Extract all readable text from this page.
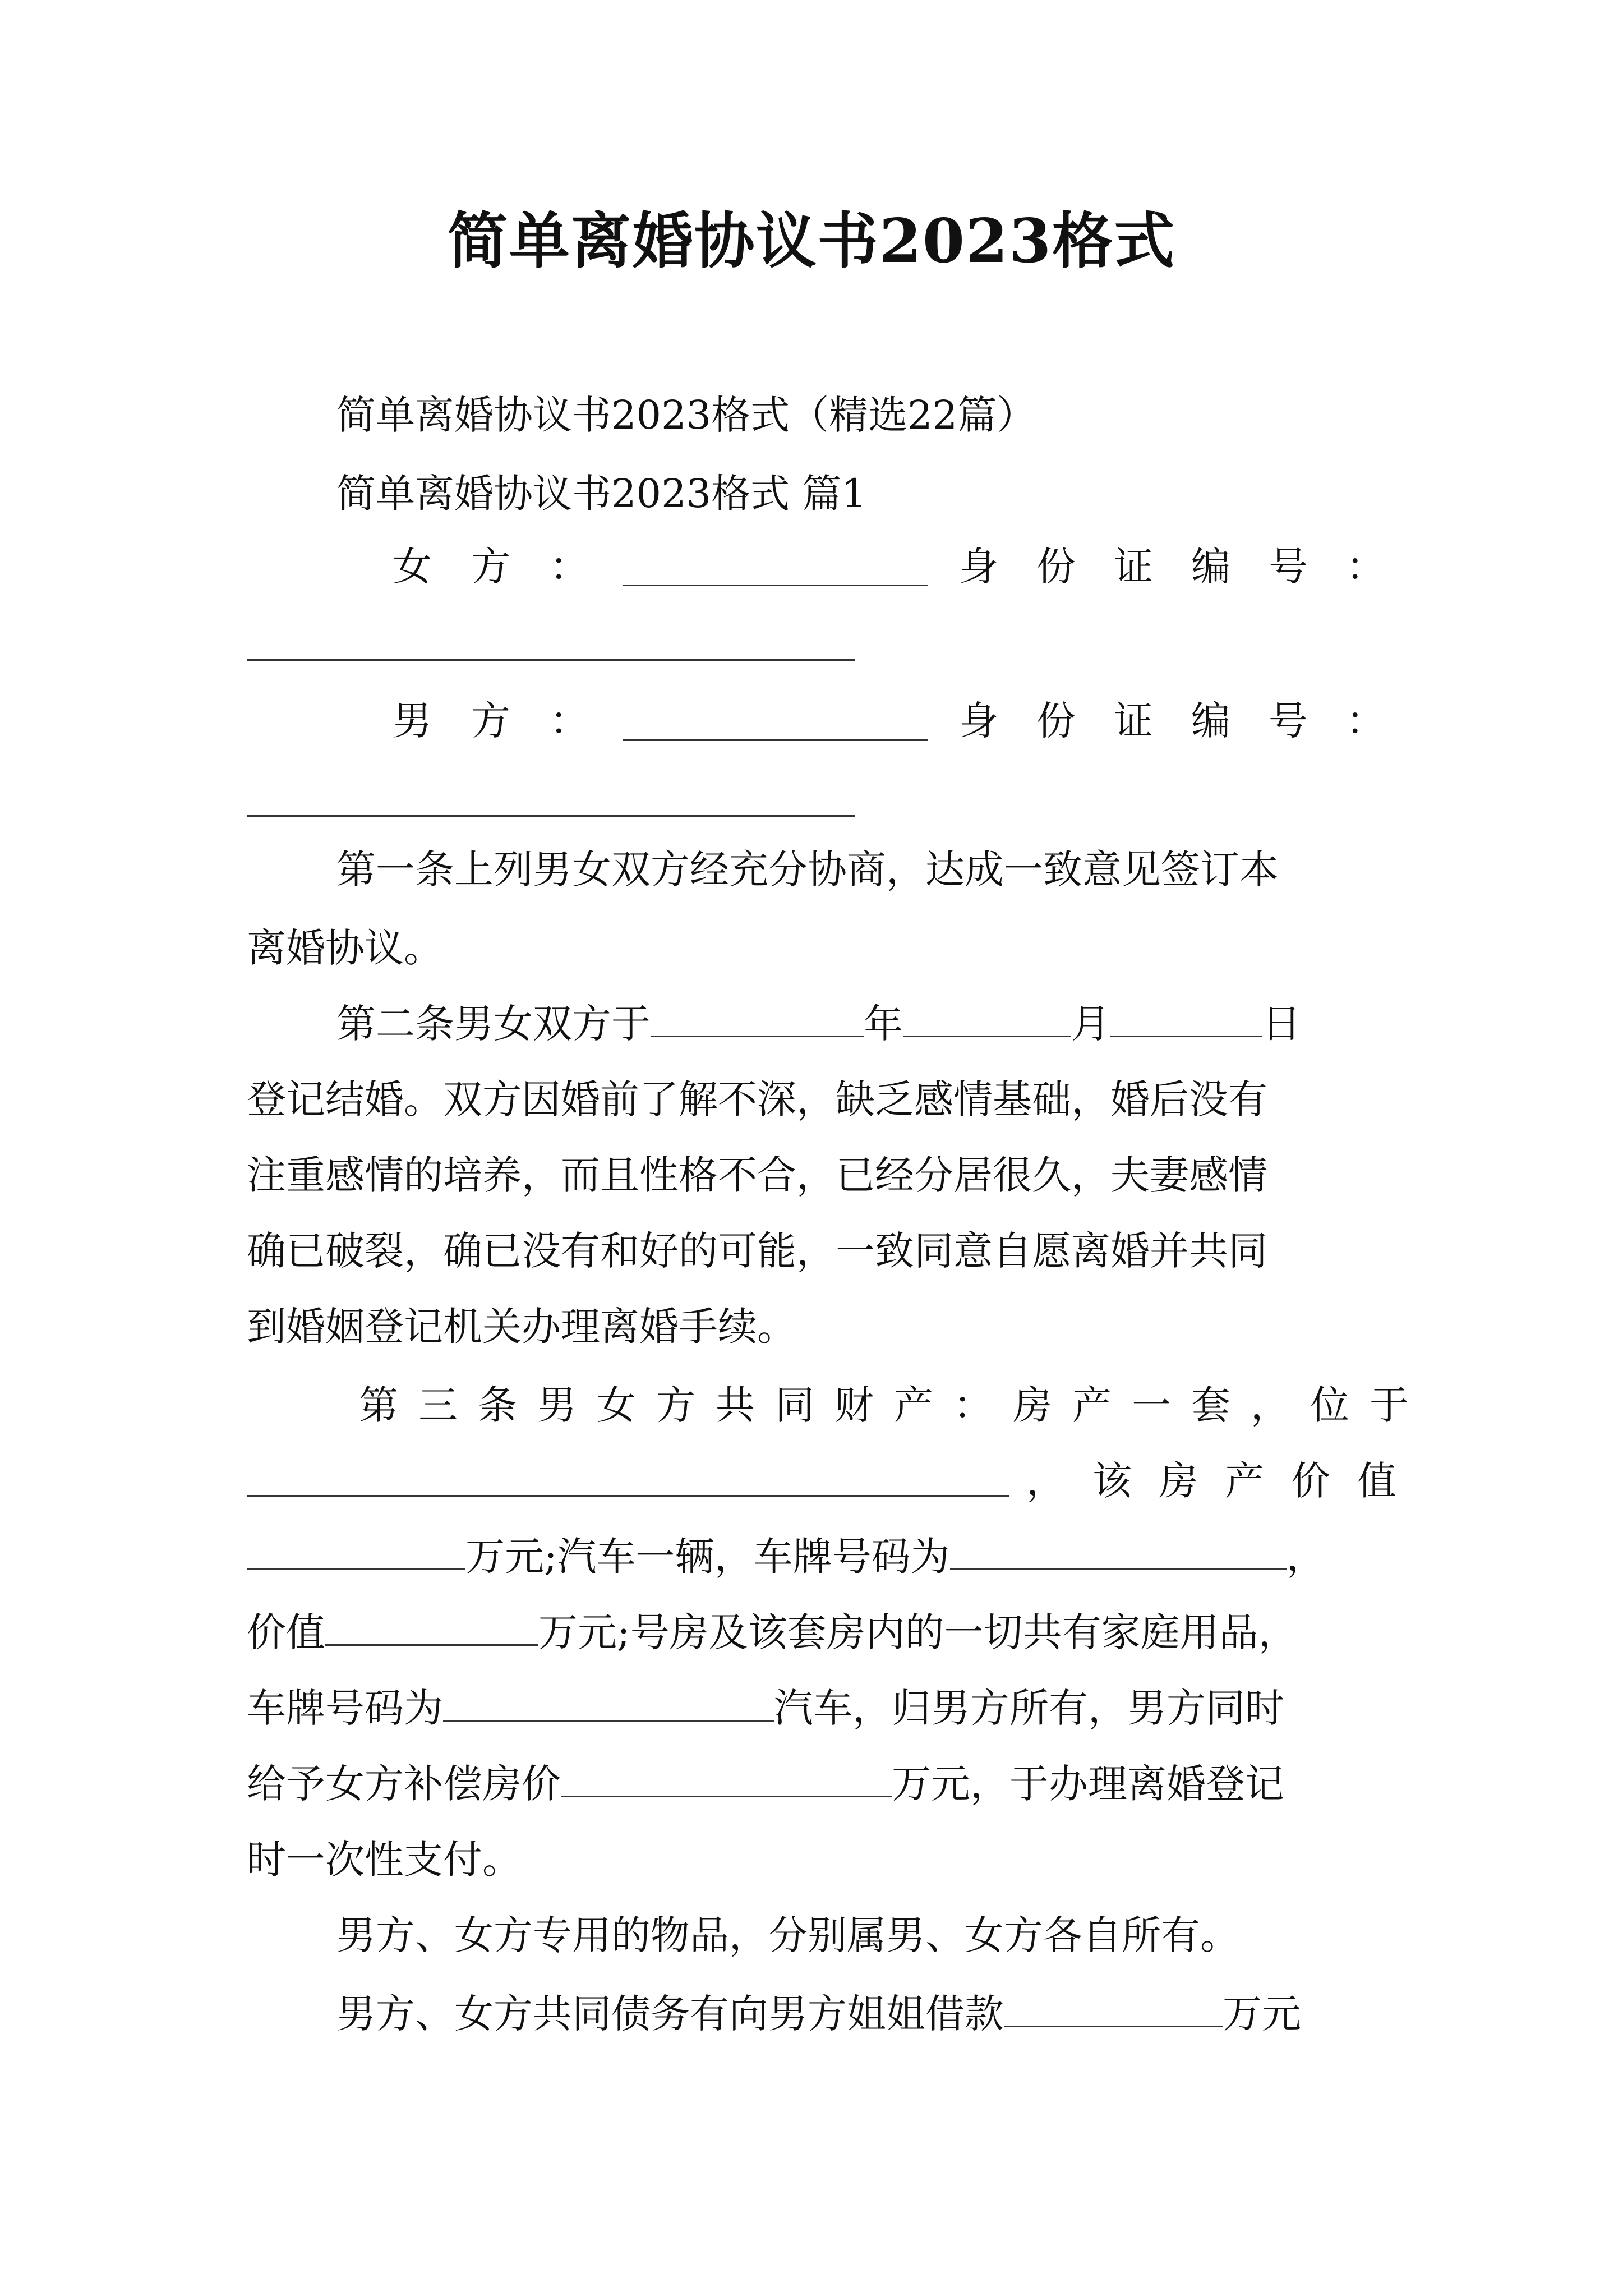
简单离婚协议书2023格式
简单离婚协议书2023格式（精选22篇）
简单离婚协议书2023格式 篇1
女方：	身份证编号：
男方：	身份证编号：
第一条上列男女双方经充分协商，达成一致意见签订本
离婚协议。
第二条男女双方于	年	月	日
登记结婚。双方因婚前了解不深，缺乏感情基础，婚后没有
注重感情的培养，而且性格不合，已经分居很久，夫妻感情
确已破裂，确已没有和好的可能，一致同意自愿离婚并共同
到婚姻登记机关办理离婚手续。
第三条男女方共同财产：房产一套，位于
，该房产价值
万元;汽车一辆，车牌号码为	，
价值	万元;号房及该套房内的一切共有家庭用品，
车牌号码为	汽车，归男方所有，男方同时
给予女方补偿房价	万元，于办理离婚登记
时一次性支付。
男方、女方专用的物品，分别属男、女方各自所有。
男方、女方共同债务有向男方姐姐借款	万元
